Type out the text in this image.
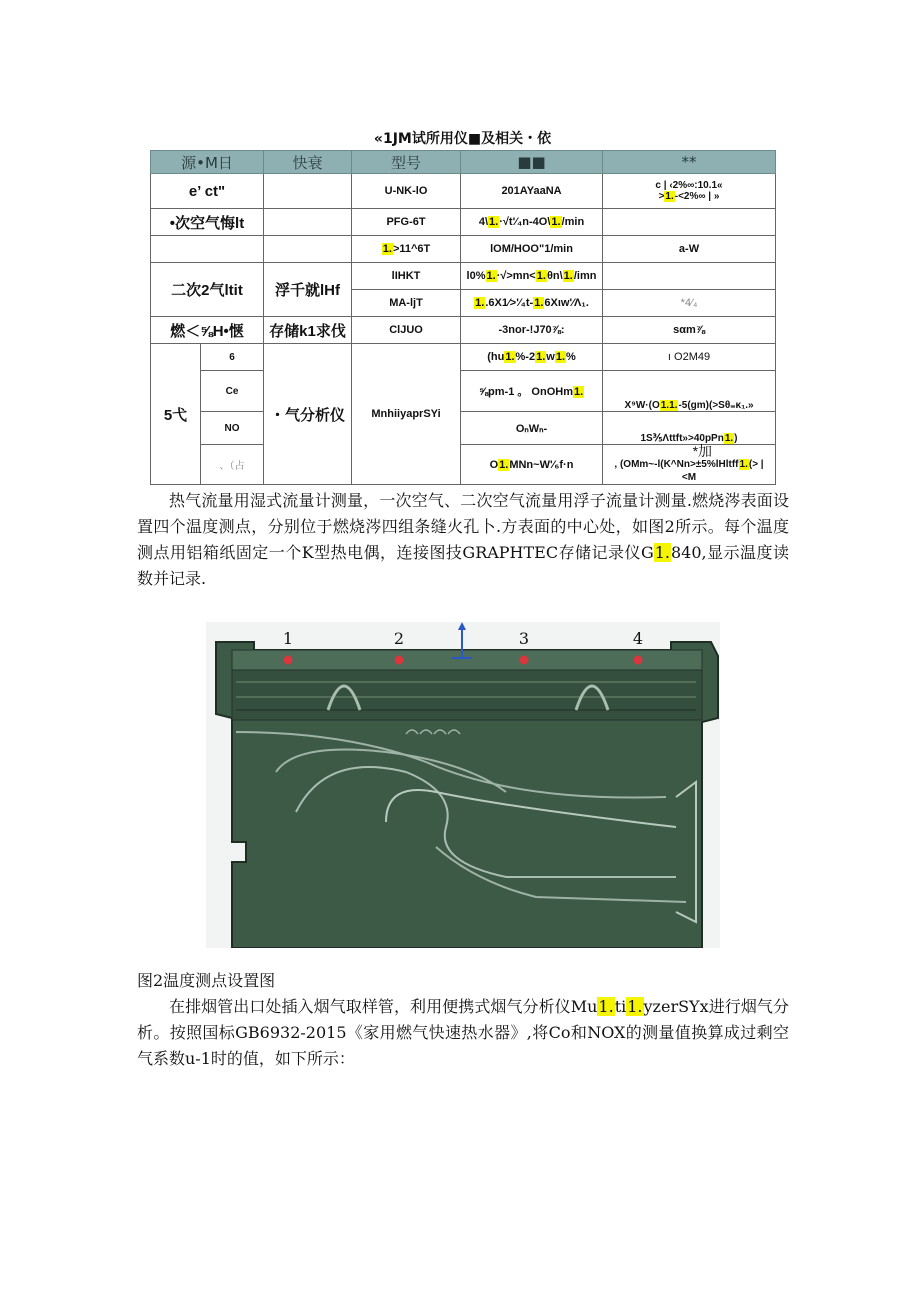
«1JM试所用仪■及相关・依
源•M日		快衰	型号	■■	**
e’ ct"			U-NK-lO	201AYaaNA	c | ‹2%∞:10.1«
>1.-<2%∞ | »

•次空气悔lt			PFG-6T	4\1.·√t'⁄₄n-4O\1./min	
			1.>11^6T	lOM/HOO"1/min	a-W
二次2气ltit		浮千就lHf	lIHKT	l0%1.·√>mn<1.θn\1./imn	
			MA-ljT	1..6X1⁄>'⁄₄t-1.6Xιw'⁄Λ₁.	*4⁄₄
燃＜⅝H•惬		存储k1求伐	ClJUO	-3nor-!J70⅞:	sαm⅞
5弋	6	・气分析仪	MnhiiyaprSYi	(hu1.%-21.w1.%	ı O2M49
	Ce			⅝pm-1 。 OnOHm1.	X⁹W·(O1.1.-5(gm)(>Sθ₌κ₁.»
	NO			OₙWₙ-	1S⅗Λttft»>40pPn1.)
	、（占			O1.MNn~W'⁄₆f·n	*加
, (OMm~-l(K^Nn>±5%lHltff1.(> | <M

热气流量用湿式流量计测量，一次空气、二次空气流量用浮子流量计测量.燃烧涔表面设置四个温度测点，分别位于燃烧涔四组条缝火孔卜.方表面的中心处，如图2所示。每个温度测点用铝箱纸固定一个K型热电偶，连接图技GRAPHTEC存储记录仪G1.840,显示温度读数并记录.

1	2	3	4

图2温度测点设置图

在排烟管出口处插入烟气取样管，利用便携式烟气分析仪Mu1.ti1.yzerSYx进行烟气分析。按照国标GB6932-2015《家用燃气快速热水器》,将Co和NOX的测量值换算成过剩空气系数u-1时的值，如下所示：
